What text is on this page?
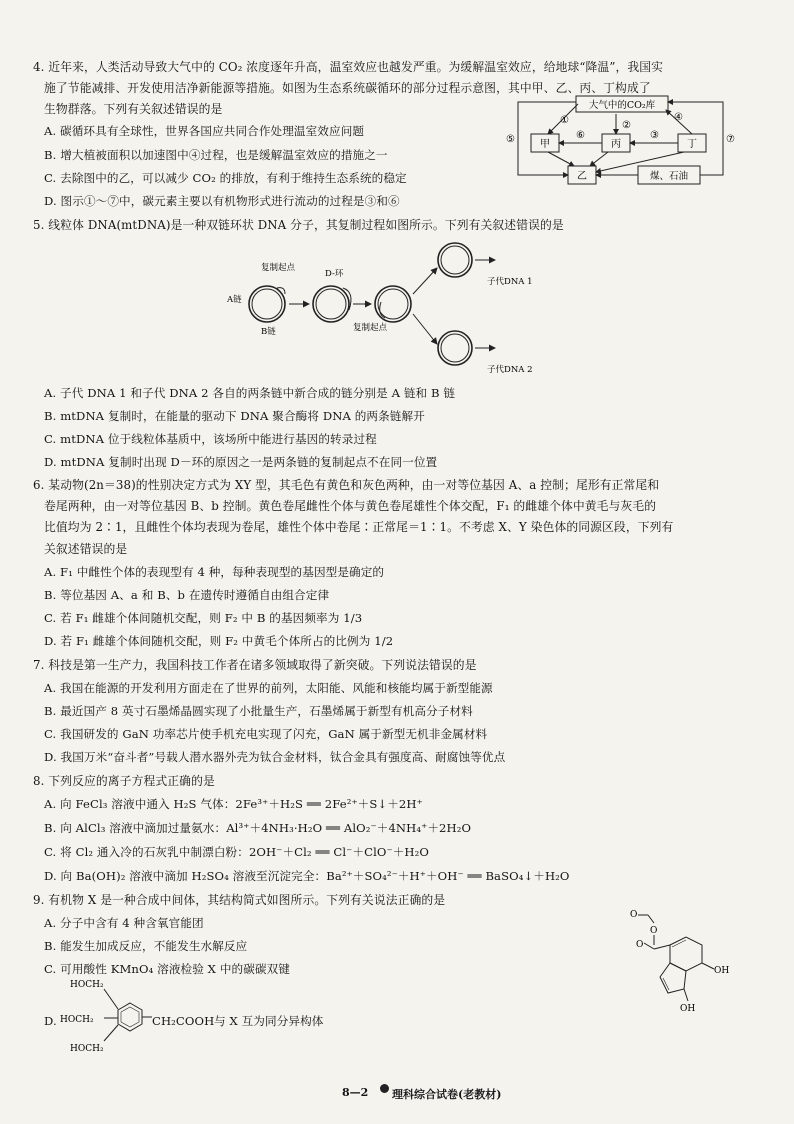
4. 近年来，人类活动导致大气中的 CO₂ 浓度逐年升高，温室效应也越发严重。为缓解温室效应，给地球“降温”，我国实
施了节能减排、开发使用洁净新能源等措施。如图为生态系统碳循环的部分过程示意图，其中甲、乙、丙、丁构成了
生物群落。下列有关叙述错误的是
A. 碳循环具有全球性，世界各国应共同合作处理温室效应问题
B. 增大植被面积以加速图中④过程，也是缓解温室效应的措施之一
C. 去除图中的乙，可以减少 CO₂ 的排放，有利于维持生态系统的稳定
D. 图示①～⑦中，碳元素主要以有机物形式进行流动的过程是③和⑥
大气中的CO₂库
甲	丙	丁
乙	煤、石油
①	②
③
④
⑤	⑥	⑦
5. 线粒体 DNA(mtDNA)是一种双链环状 DNA 分子，其复制过程如图所示。下列有关叙述错误的是
复制起点
A链
B链
D-环
复制起点
子代DNA 1
子代DNA 2
A. 子代 DNA 1 和子代 DNA 2 各自的两条链中新合成的链分别是 A 链和 B 链
B. mtDNA 复制时，在能量的驱动下 DNA 聚合酶将 DNA 的两条链解开
C. mtDNA 位于线粒体基质中，该场所中能进行基因的转录过程
D. mtDNA 复制时出现 D－环的原因之一是两条链的复制起点不在同一位置
6. 某动物(2n＝38)的性别决定方式为 XY 型，其毛色有黄色和灰色两种，由一对等位基因 A、a 控制；尾形有正常尾和
卷尾两种，由一对等位基因 B、b 控制。黄色卷尾雌性个体与黄色卷尾雄性个体交配，F₁ 的雌雄个体中黄毛与灰毛的
比值均为 2∶1，且雌性个体均表现为卷尾，雄性个体中卷尾∶正常尾＝1∶1。不考虑 X、Y 染色体的同源区段，下列有
关叙述错误的是
A. F₁ 中雌性个体的表现型有 4 种，每种表现型的基因型是确定的
B. 等位基因 A、a 和 B、b 在遗传时遵循自由组合定律
C. 若 F₁ 雌雄个体间随机交配，则 F₂ 中 B 的基因频率为 1/3
D. 若 F₁ 雌雄个体间随机交配，则 F₂ 中黄毛个体所占的比例为 1/2
7. 科技是第一生产力，我国科技工作者在诸多领域取得了新突破。下列说法错误的是
A. 我国在能源的开发利用方面走在了世界的前列，太阳能、风能和核能均属于新型能源
B. 最近国产 8 英寸石墨烯晶圆实现了小批量生产，石墨烯属于新型有机高分子材料
C. 我国研发的 GaN 功率芯片使手机充电实现了闪充，GaN 属于新型无机非金属材料
D. 我国万米“奋斗者”号载人潜水器外壳为钛合金材料，钛合金具有强度高、耐腐蚀等优点
8. 下列反应的离子方程式正确的是
A. 向 FeCl₃ 溶液中通入 H₂S 气体：2Fe³⁺＋H₂S ══ 2Fe²⁺＋S↓＋2H⁺
B. 向 AlCl₃ 溶液中滴加过量氨水：Al³⁺＋4NH₃·H₂O ══ AlO₂⁻＋4NH₄⁺＋2H₂O
C. 将 Cl₂ 通入冷的石灰乳中制漂白粉：2OH⁻＋Cl₂ ══ Cl⁻＋ClO⁻＋H₂O
D. 向 Ba(OH)₂ 溶液中滴加 H₂SO₄ 溶液至沉淀完全：Ba²⁺＋SO₄²⁻＋H⁺＋OH⁻ ══ BaSO₄↓＋H₂O
9. 有机物 X 是一种合成中间体，其结构简式如图所示。下列有关说法正确的是
A. 分子中含有 4 种含氧官能团
B. 能发生加成反应，不能发生水解反应
C. 可用酸性 KMnO₄ 溶液检验 X 中的碳碳双键
D.
HOCH₂
HOCH₂
HOCH₂
CH₂COOH 与 X 互为同分异构体
O
O
O
OH
OH
8—2 理科综合试卷(老教材)
